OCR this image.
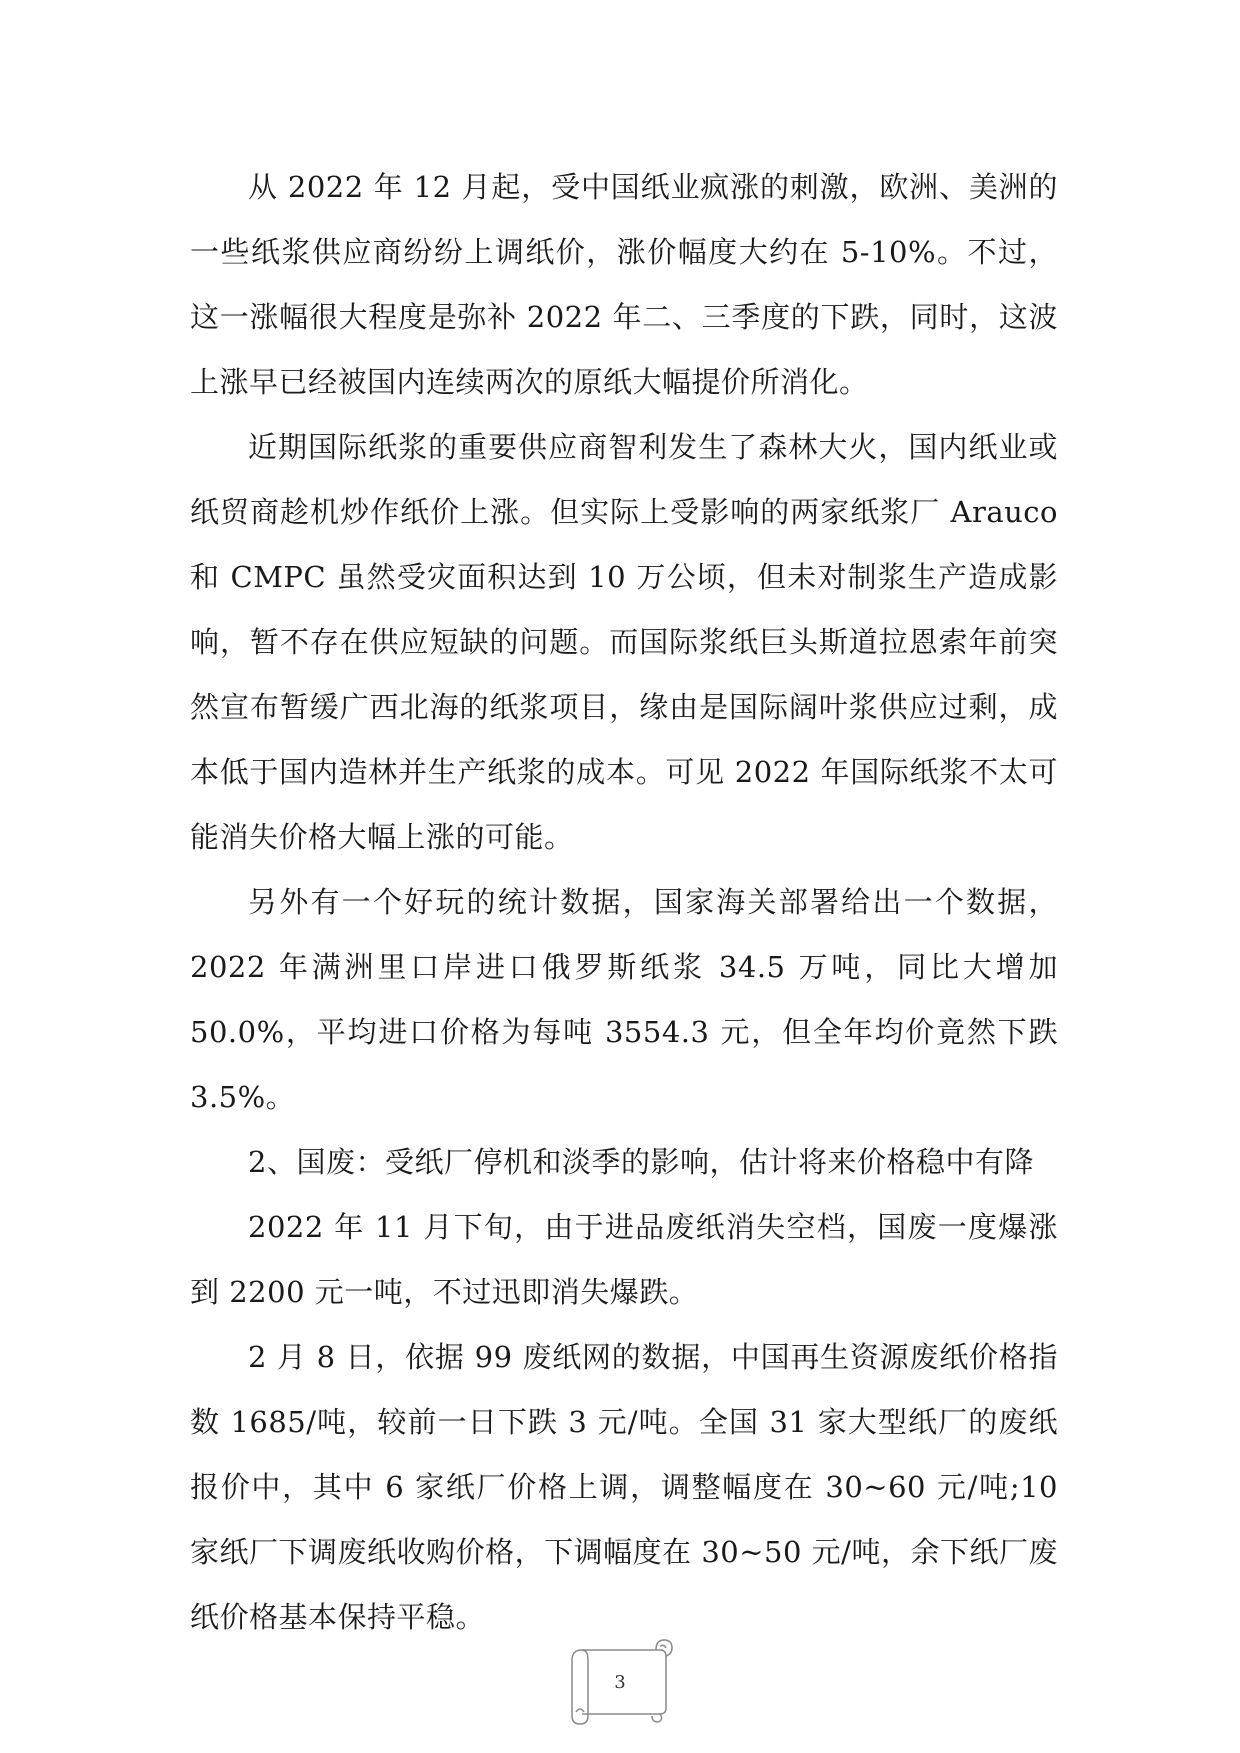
从 2022 年 12 月起，受中国纸业疯涨的刺激，欧洲、美洲的一些纸浆供应商纷纷上调纸价，涨价幅度大约在 5-10%。不过，这一涨幅很大程度是弥补 2022 年二、三季度的下跌，同时，这波上涨早已经被国内连续两次的原纸大幅提价所消化。

近期国际纸浆的重要供应商智利发生了森林大火，国内纸业或纸贸商趁机炒作纸价上涨。但实际上受影响的两家纸浆厂 Arauco 和 CMPC 虽然受灾面积达到 10 万公顷，但未对制浆生产造成影响，暂不存在供应短缺的问题。而国际浆纸巨头斯道拉恩索年前突然宣布暂缓广西北海的纸浆项目，缘由是国际阔叶浆供应过剩，成本低于国内造林并生产纸浆的成本。可见 2022 年国际纸浆不太可能消失价格大幅上涨的可能。

另外有一个好玩的统计数据，国家海关部署给出一个数据，2022 年满洲里口岸进口俄罗斯纸浆 34.5 万吨，同比大增加 50.0%，平均进口价格为每吨 3554.3 元，但全年均价竟然下跌 3.5%。

2、国废：受纸厂停机和淡季的影响，估计将来价格稳中有降

2022 年 11 月下旬，由于进品废纸消失空档，国废一度爆涨到 2200 元一吨，不过迅即消失爆跌。

2 月 8 日，依据 99 废纸网的数据，中国再生资源废纸价格指数 1685/吨，较前一日下跌 3 元/吨。全国 31 家大型纸厂的废纸报价中，其中 6 家纸厂价格上调，调整幅度在 30~60 元/吨;10 家纸厂下调废纸收购价格，下调幅度在 30~50 元/吨，余下纸厂废纸价格基本保持平稳。

3
